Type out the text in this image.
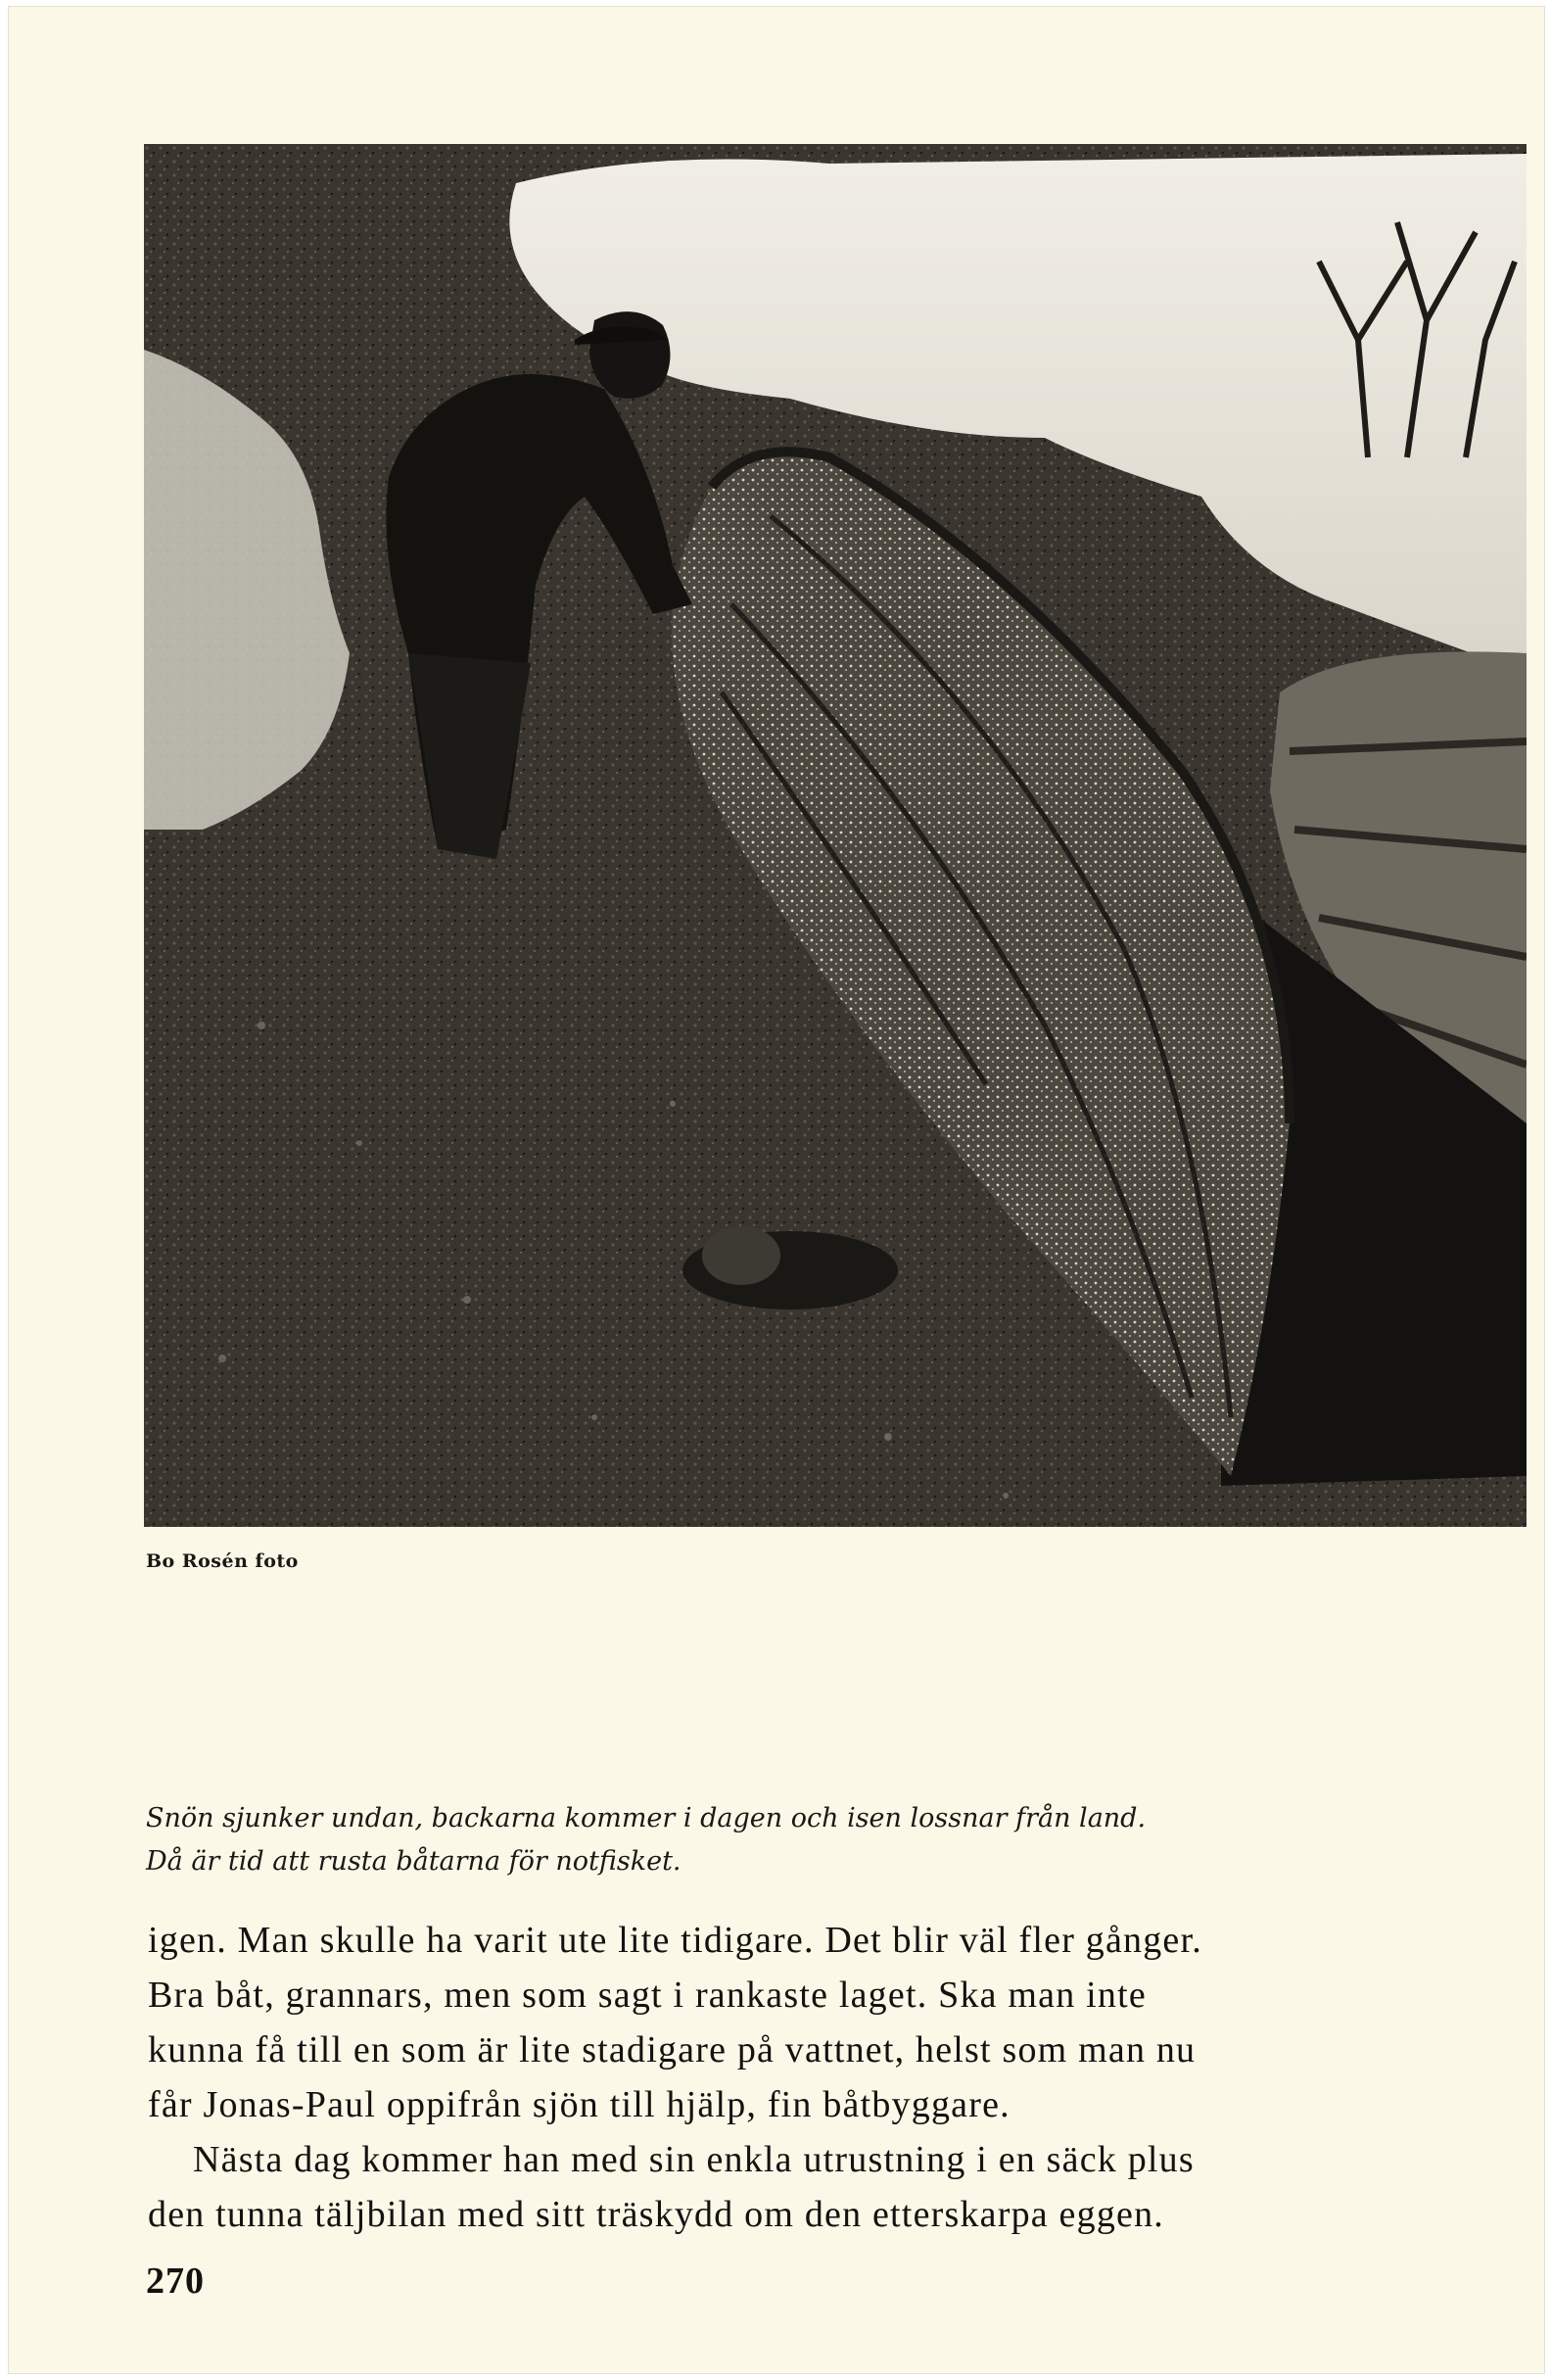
Bo Rosén foto
Snön sjunker undan, backarna kommer i dagen och isen lossnar från land.
Då är tid att rusta båtarna för notfisket.
igen. Man skulle ha varit ute lite tidigare. Det blir väl fler gånger.
Bra båt, grannars, men som sagt i rankaste laget. Ska man inte
kunna få till en som är lite stadigare på vattnet, helst som man nu
får Jonas-Paul oppifrån sjön till hjälp, fin båtbyggare.
Nästa dag kommer han med sin enkla utrustning i en säck plus
den tunna täljbilan med sitt träskydd om den etterskarpa eggen.
270
